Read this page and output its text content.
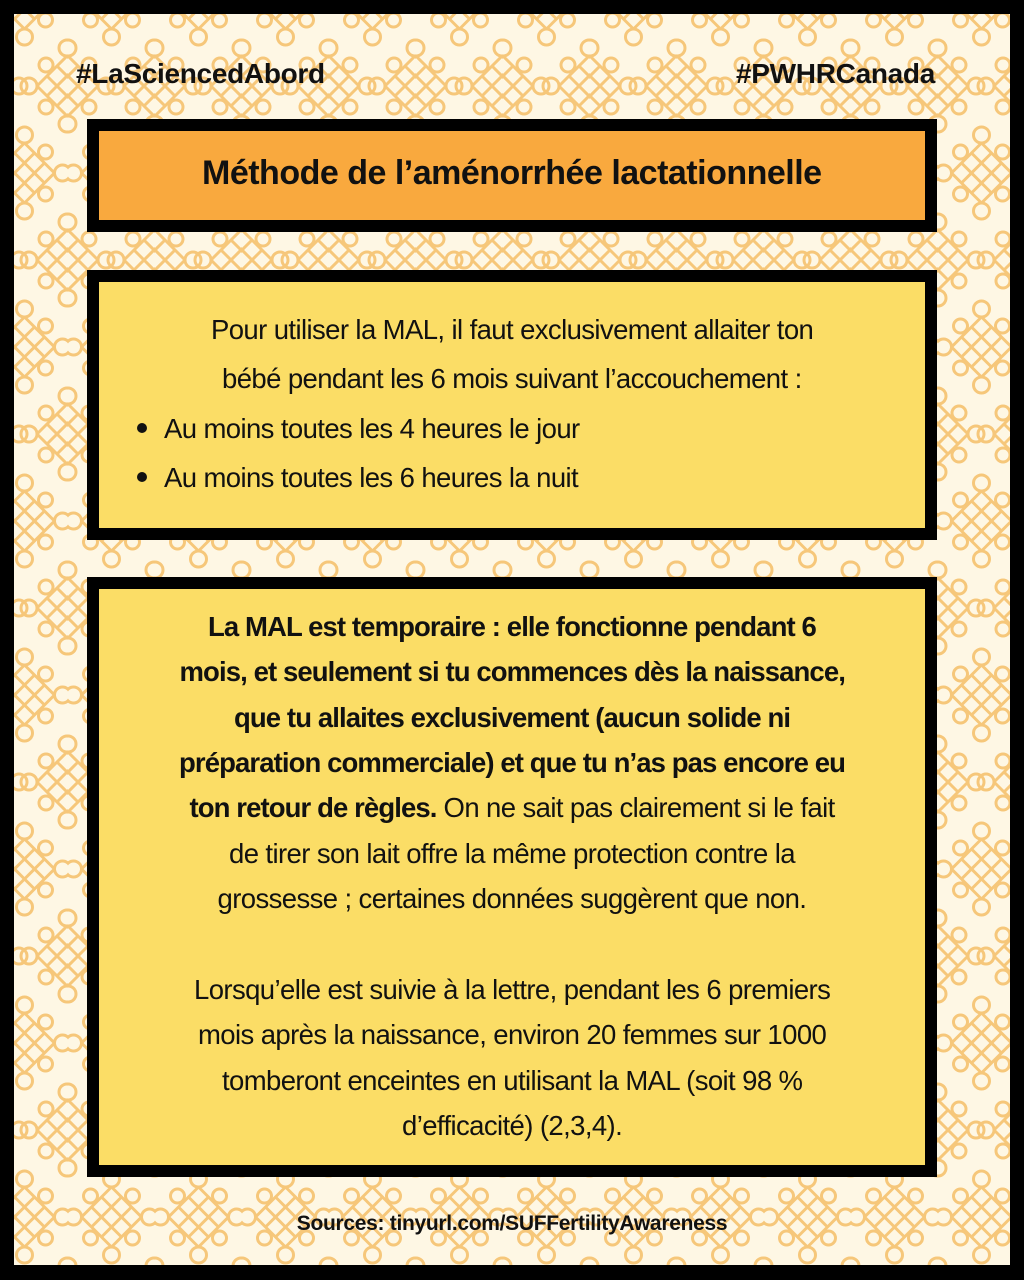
#LaSciencedAbord	#PWHRCanada
Méthode de l’aménorrhée lactationnelle
Pour utiliser la MAL, il faut exclusivement allaiter ton
bébé pendant les 6 mois suivant l’accouchement :
Au moins toutes les 4 heures le jour
Au moins toutes les 6 heures la nuit
La MAL est temporaire : elle fonctionne pendant 6
mois, et seulement si tu commences dès la naissance,
que tu allaites exclusivement (aucun solide ni
préparation commerciale) et que tu n’as pas encore eu
ton retour de règles. On ne sait pas clairement si le fait
de tirer son lait offre la même protection contre la
grossesse ; certaines données suggèrent que non.
Lorsqu’elle est suivie à la lettre, pendant les 6 premiers
mois après la naissance, environ 20 femmes sur 1000
tomberont enceintes en utilisant la MAL (soit 98 %
d’efficacité) (2,3,4).
Sources: tinyurl.com/SUFFertilityAwareness
